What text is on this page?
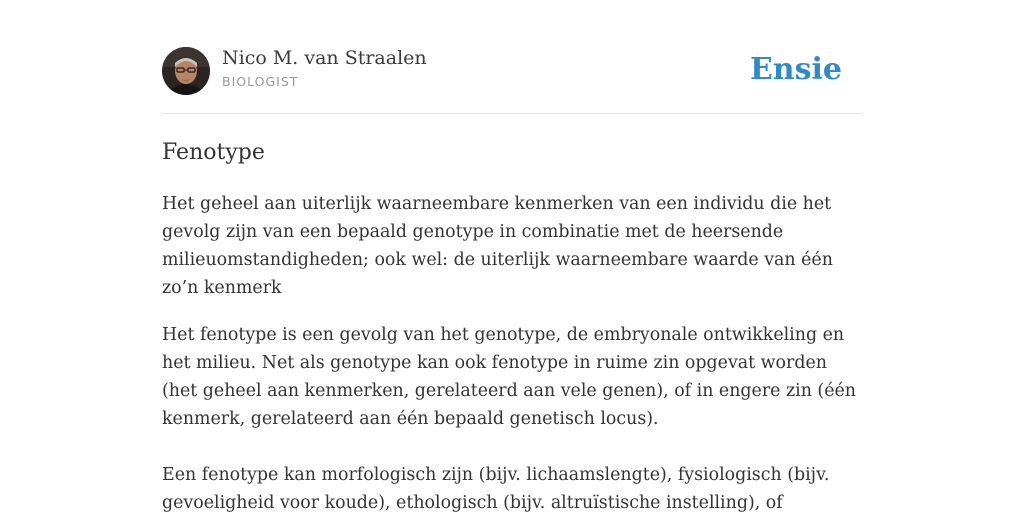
Nico M. van Straalen
BIOLOGIST	Ensie
Fenotype

Het geheel aan uiterlijk waarneembare kenmerken van een individu die het gevolg zijn van een bepaald genotype in combinatie met de heersende milieuomstandigheden; ook wel: de uiterlijk waarneembare waarde van één zo’n kenmerk

Het fenotype is een gevolg van het genotype, de embryonale ontwikkeling en het milieu. Net als genotype kan ook fenotype in ruime zin opgevat worden (het geheel aan kenmerken, gerelateerd aan vele genen), of in engere zin (één kenmerk, gerelateerd aan één bepaald genetisch locus).

Een fenotype kan morfologisch zijn (bijv. lichaamslengte), fysiologisch (bijv. gevoeligheid voor koude), ethologisch (bijv. altruïstische instelling), of
